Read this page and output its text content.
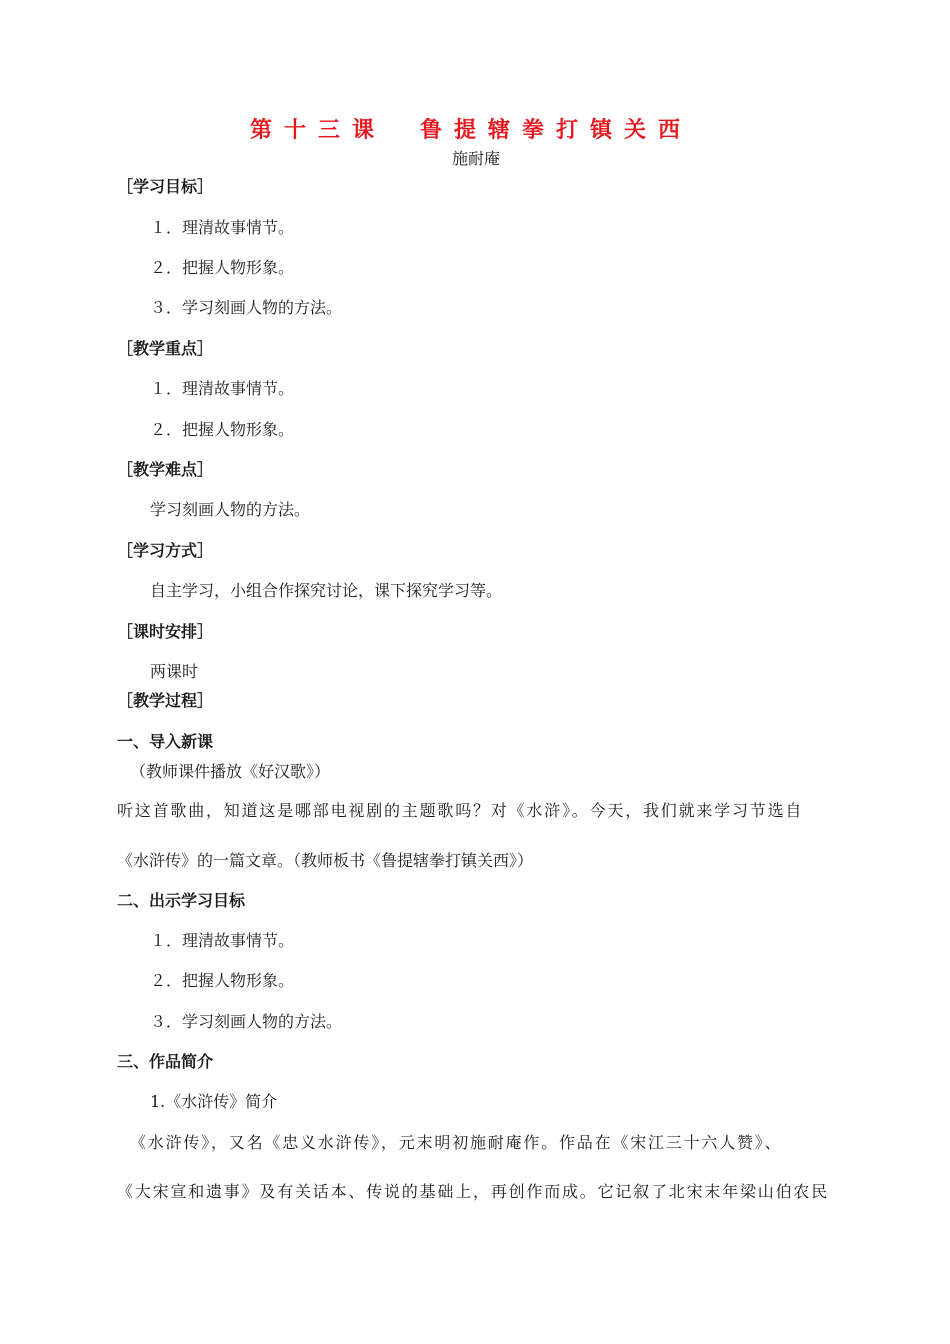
第十三课　鲁提辖拳打镇关西
施耐庵
［学习目标］
１．理清故事情节。
２．把握人物形象。
３．学习刻画人物的方法。
［教学重点］
１．理清故事情节。
２．把握人物形象。
［教学难点］
学习刻画人物的方法。
［学习方式］
自主学习，小组合作探究讨论，课下探究学习等。
［课时安排］
两课时
［教学过程］
一、导入新课
（教师课件播放《好汉歌》）
听这首歌曲，知道这是哪部电视剧的主题歌吗？对《水浒》。今天，我们就来学习节选自
《水浒传》的一篇文章。（教师板书《鲁提辖拳打镇关西》）
二、出示学习目标
１．理清故事情节。
２．把握人物形象。
３．学习刻画人物的方法。
三、作品简介
1.《水浒传》简介
《水浒传》，又名《忠义水浒传》，元末明初施耐庵作。作品在《宋江三十六人赞》、
《大宋宣和遗事》及有关话本、传说的基础上，再创作而成。它记叙了北宋末年梁山伯农民
